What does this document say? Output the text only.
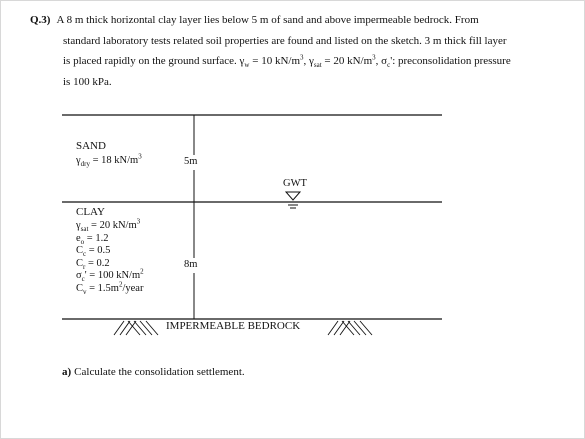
Q.3) A 8 m thick horizontal clay layer lies below 5 m of sand and above impermeable bedrock. From
standard laboratory tests related soil properties are found and listed on the sketch. 3 m thick fill layer
is placed rapidly on the ground surface. $\gamma_w = 10$ $kN/m^3$, $\gamma_{sat} = 20$ $kN/m^3$, $\sigma_c'$: preconsolidation pressure
is 100 kPa.
SAND
$\gamma_{dry} = 18$ $kN/m^3$	5m
GWT
CLAY
$\gamma_{sat} = 20$ $kN/m^3$
$e_o = 1.2$
$C_c = 0.5$
$C_r = 0.2$
$\sigma_c' = 100$ $kN/m^2$
$C_v$ = $1.5m^2$/year
8m
IMPERMEABLE BEDROCK
a) Calculate the consolidation settlement.
